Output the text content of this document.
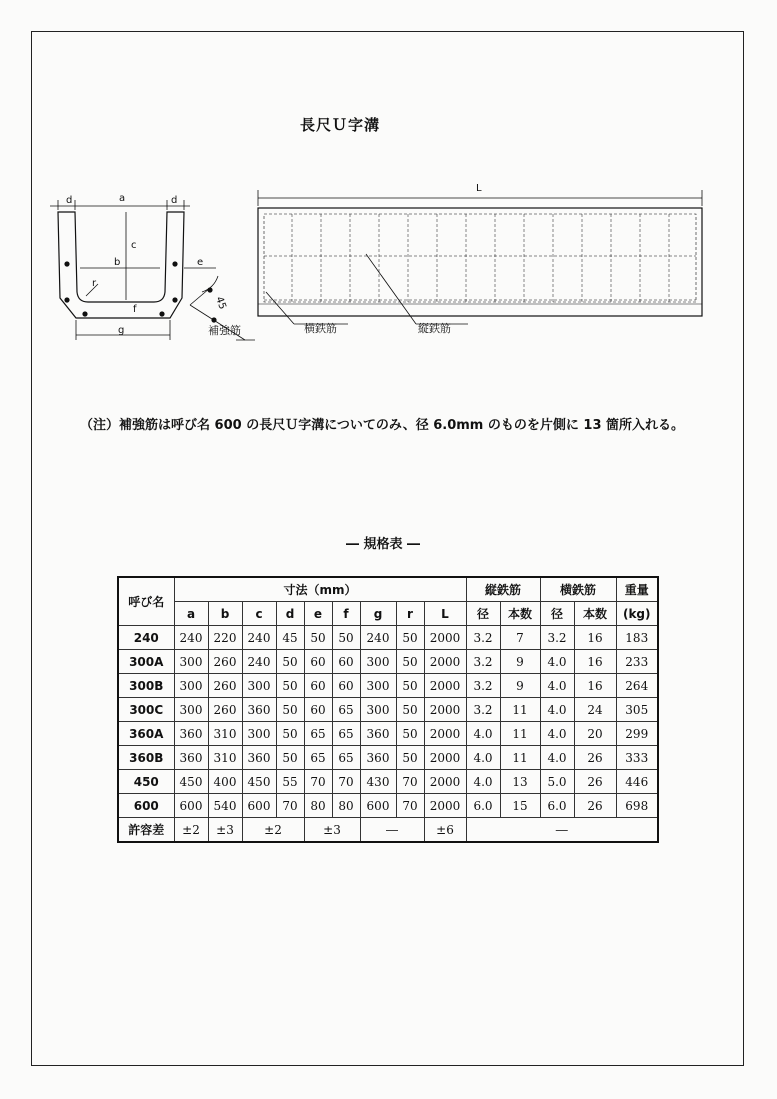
長尺Ｕ字溝
d	a	d
c
b	e
r
f
g
45
補強筋
L
横鉄筋	縦鉄筋
（注）補強筋は呼び名 600 の長尺Ｕ字溝についてのみ、径 6.0mm のものを片側に 13 箇所入れる。
― 規格表 ―
呼び名	寸法（mm）									縦鉄筋		横鉄筋		重量
	a	b	c	d	e	f	g	r	L	径	本数	径	本数	(kg)
240	240	220	240	45	50	50	240	50	2000	3.2	7	3.2	16	183
300A	300	260	240	50	60	60	300	50	2000	3.2	9	4.0	16	233
300B	300	260	300	50	60	60	300	50	2000	3.2	9	4.0	16	264
300C	300	260	360	50	60	65	300	50	2000	3.2	11	4.0	24	305
360A	360	310	300	50	65	65	360	50	2000	4.0	11	4.0	20	299
360B	360	310	360	50	65	65	360	50	2000	4.0	11	4.0	26	333
450	450	400	450	55	70	70	430	70	2000	4.0	13	5.0	26	446
600	600	540	600	70	80	80	600	70	2000	6.0	15	6.0	26	698
許容差	±2	±3	±2		±3		―		±6	―				
